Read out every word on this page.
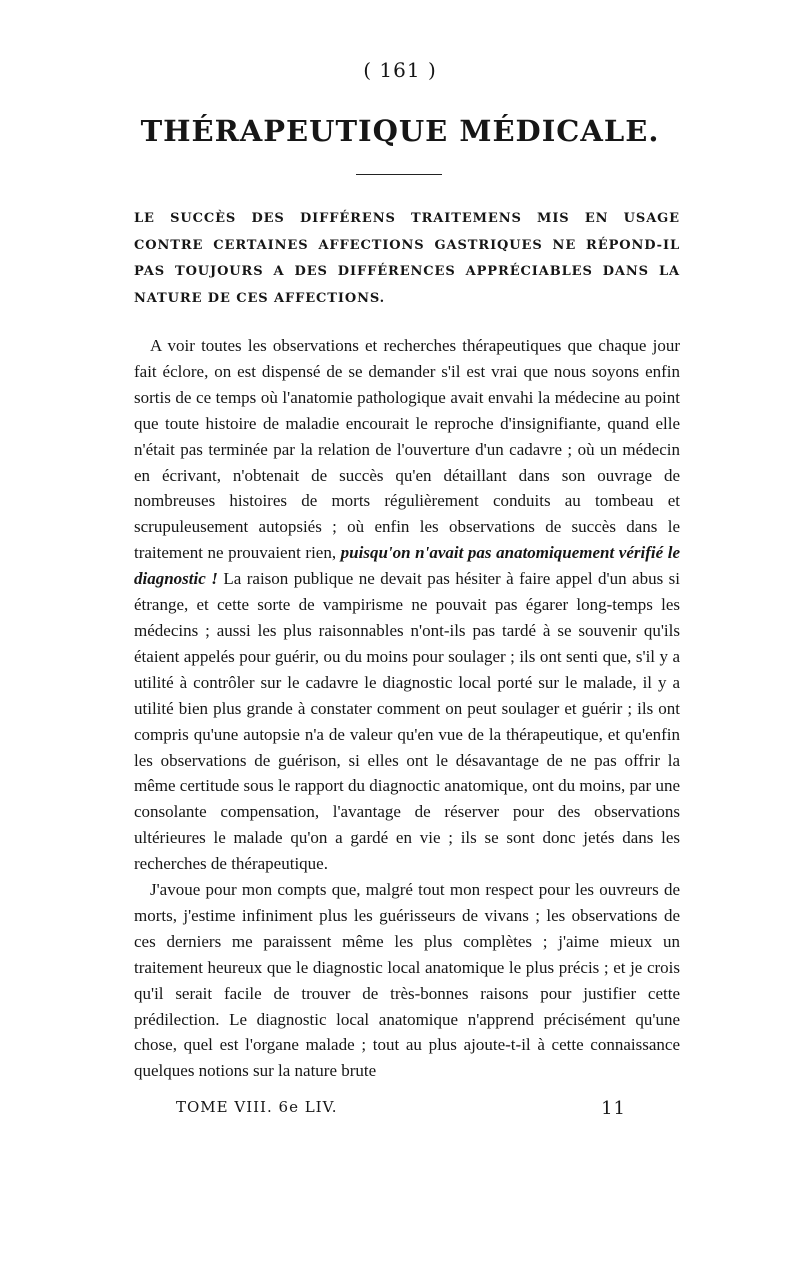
( 161 )
THÉRAPEUTIQUE MÉDICALE.

LE SUCCÈS DES DIFFÉRENS TRAITEMENS MIS EN USAGE CONTRE CERTAINES AFFECTIONS GASTRIQUES NE RÉPOND-IL PAS TOUJOURS A DES DIFFÉRENCES APPRÉCIABLES DANS LA NATURE DE CES AFFECTIONS.

A voir toutes les observations et recherches thérapeutiques que chaque jour fait éclore, on est dispensé de se demander s'il est vrai que nous soyons enfin sortis de ce temps où l'anatomie pathologique avait envahi la médecine au point que toute histoire de maladie encourait le reproche d'insignifiante, quand elle n'était pas terminée par la relation de l'ouverture d'un cadavre ; où un médecin en écrivant, n'obtenait de succès qu'en détaillant dans son ouvrage de nombreuses histoires de morts régulièrement conduits au tombeau et scrupuleusement autopsiés ; où enfin les observations de succès dans le traitement ne prouvaient rien, puisqu'on n'avait pas anatomiquement vérifié le diagnostic ! La raison publique ne devait pas hésiter à faire appel d'un abus si étrange, et cette sorte de vampirisme ne pouvait pas égarer long-temps les médecins ; aussi les plus raisonnables n'ont-ils pas tardé à se souvenir qu'ils étaient appelés pour guérir, ou du moins pour soulager ; ils ont senti que, s'il y a utilité à contrôler sur le cadavre le diagnostic local porté sur le malade, il y a utilité bien plus grande à constater comment on peut soulager et guérir ; ils ont compris qu'une autopsie n'a de valeur qu'en vue de la thérapeutique, et qu'enfin les observations de guérison, si elles ont le désavantage de ne pas offrir la même certitude sous le rapport du diagnoctic anatomique, ont du moins, par une consolante compensation, l'avantage de réserver pour des observations ultérieures le malade qu'on a gardé en vie ; ils se sont donc jetés dans les recherches de thérapeutique.

J'avoue pour mon compts que, malgré tout mon respect pour les ouvreurs de morts, j'estime infiniment plus les guérisseurs de vivans ; les observations de ces derniers me paraissent même les plus complètes ; j'aime mieux un traitement heureux que le diagnostic local anatomique le plus précis ; et je crois qu'il serait facile de trouver de très-bonnes raisons pour justifier cette prédilection. Le diagnostic local anatomique n'apprend précisément qu'une chose, quel est l'organe malade ; tout au plus ajoute-t-il à cette connaissance quelques notions sur la nature brute

TOME VIII. 6e LIV.	11
